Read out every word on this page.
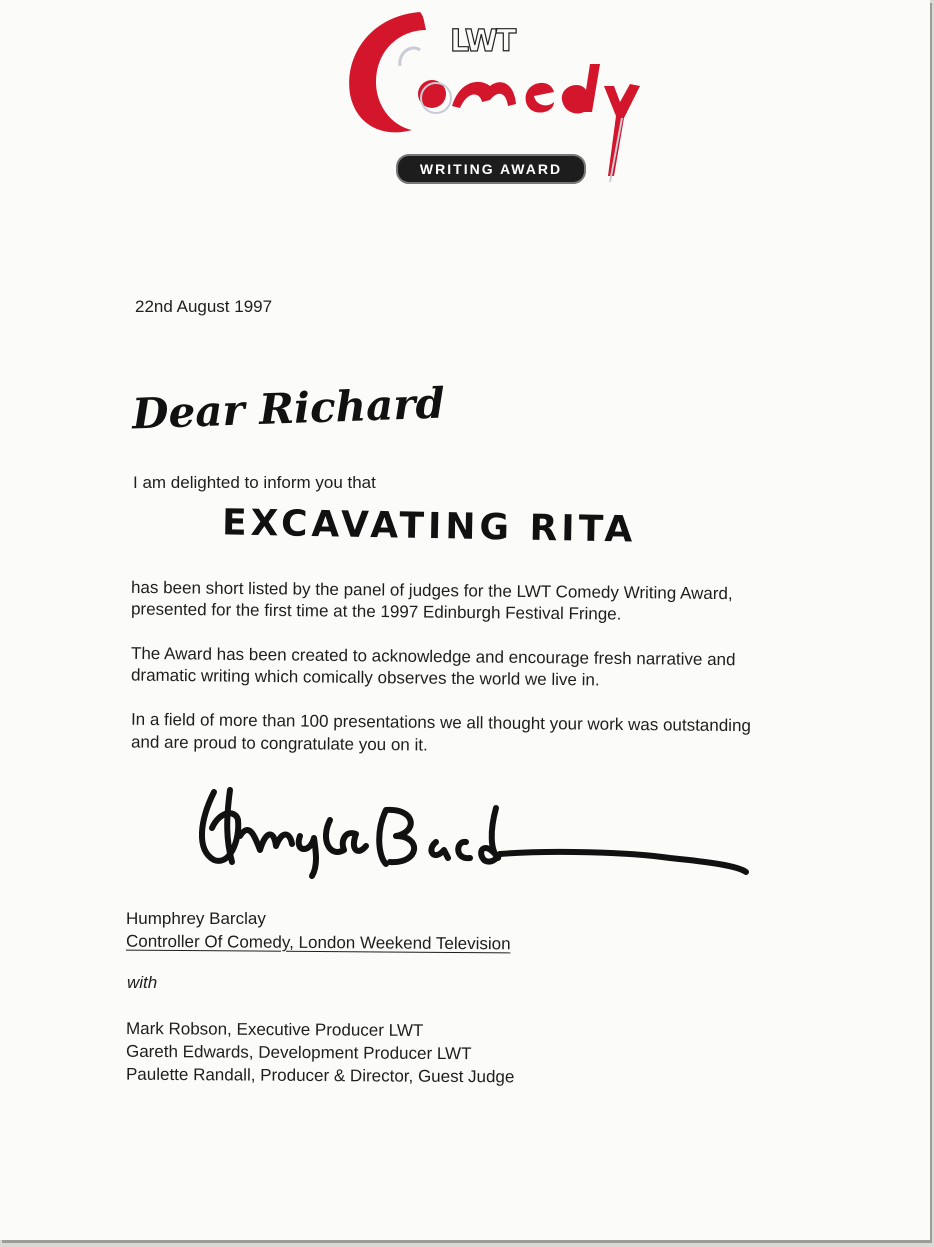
LWT
WRITING AWARD
22nd August 1997
Dear Richard
I am delighted to inform you that
EXCAVATING RITA
has been short listed by the panel of judges for the LWT Comedy Writing Award,
presented for the first time at the 1997 Edinburgh Festival Fringe.
The Award has been created to acknowledge and encourage fresh narrative and
dramatic writing which comically observes the world we live in.
In a field of more than 100 presentations we all thought your work was outstanding
and are proud to congratulate you on it.
Humphrey Barclay
Controller Of Comedy, London Weekend Television
with
Mark Robson, Executive Producer LWT
Gareth Edwards, Development Producer LWT
Paulette Randall, Producer & Director, Guest Judge
